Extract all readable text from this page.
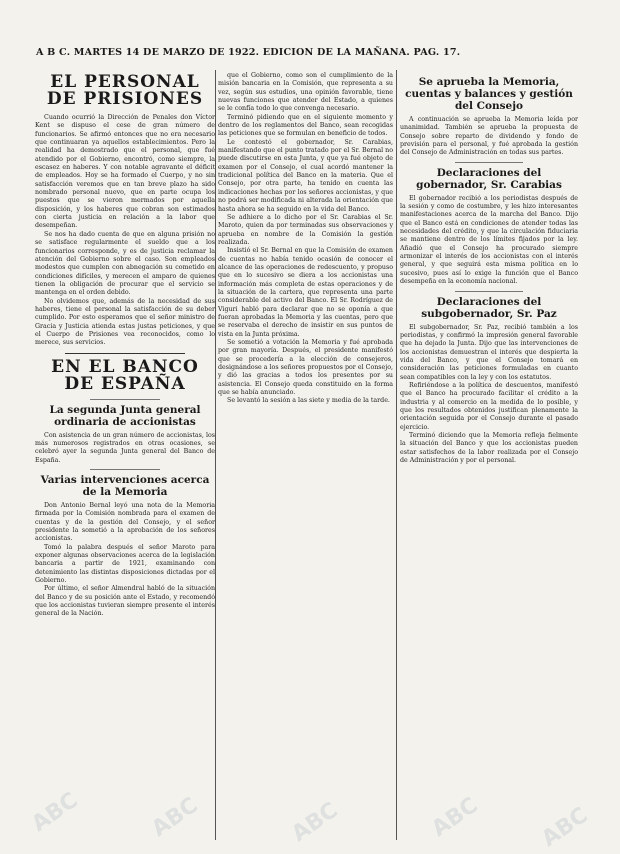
A B C. MARTES 14 DE MARZO DE 1922. EDICION DE LA MAÑANA. PAG. 17.
EL PERSONAL DE PRISIONES

Cuando ocurrió la Dirección de Penales don Víctor Kent se dispuso el cese de gran número de funcionarios. Se afirmó entonces que no era necesario que continuaran ya aquellos establecimientos. Pero la realidad ha demostrado que el personal, que fué atendido por el Gobierno, encontró, como siempre, la escasez en haberes. Y con notable agravante el déficit de empleados. Hoy se ha formado el Cuerpo, y no sin satisfacción veremos que en tan breve plazo ha sido nombrado personal nuevo, que en parte ocupa los puestos que se vieron mermados por aquella disposición, y los haberes que cobran son estimados con cierta justicia en relación a la labor que desempeñan.

Se nos ha dado cuenta de que en alguna prisión no se satisface regularmente el sueldo que a los funcionarios corresponde, y es de justicia reclamar la atención del Gobierno sobre el caso. Son empleados modestos que cumplen con abnegación su cometido en condiciones difíciles, y merecen el amparo de quienes tienen la obligación de procurar que el servicio se mantenga en el orden debido.

No olvidemos que, además de la necesidad de sus haberes, tiene el personal la satisfacción de su deber cumplido. Por esto esperamos que el señor ministro de Gracia y Justicia atienda estas justas peticiones, y que el Cuerpo de Prisiones vea reconocidos, como lo merece, sus servicios.

EN EL BANCO DE ESPAÑA
La segunda Junta general ordinaria de accionistas

Con asistencia de un gran número de accionistas, los más numerosos registrados en otras ocasiones, se celebró ayer la segunda Junta general del Banco de España.

Varias intervenciones acerca de la Memoria

Don Antonio Bernal leyó una nota de la Memoria firmada por la Comisión nombrada para el examen de cuentas y de la gestión del Consejo, y el señor presidente la sometió a la aprobación de los señores accionistas.

Tomó la palabra después el señor Maroto para exponer algunas observaciones acerca de la legislación bancaria a partir de 1921, examinando con detenimiento las distintas disposiciones dictadas por el Gobierno.

Por último, el señor Almendral habló de la situación del Banco y de su posición ante el Estado, y recomendó que los accionistas tuvieran siempre presente el interés general de la Nación.

que el Gobierno, como son el cumplimiento de la misión bancaria en la Comisión, que representa a su vez, según sus estudios, una opinión favorable, tiene nuevas funciones que atender del Estado, a quienes se le confía todo lo que convenga necesario.

Terminó pidiendo que en el siguiente momento y dentro de los reglamentos del Banco, sean recogidas las peticiones que se formulan en beneficio de todos.

Le contestó el gobernador, Sr. Carabias, manifestando que el punto tratado por el Sr. Bernal no puede discutirse en esta Junta, y que ya fué objeto de examen por el Consejo, el cual acordó mantener la tradicional política del Banco en la materia. Que el Consejo, por otra parte, ha tenido en cuenta las indicaciones hechas por los señores accionistas, y que no podrá ser modificada ni alterada la orientación que hasta ahora se ha seguido en la vida del Banco.

Se adhiere a lo dicho por el Sr. Carabias el Sr. Maroto, quien da por terminadas sus observaciones y aprueba en nombre de la Comisión la gestión realizada.

Insistió el Sr. Bernal en que la Comisión de examen de cuentas no había tenido ocasión de conocer el alcance de las operaciones de redescuento, y propuso que en lo sucesivo se diera a los accionistas una información más completa de estas operaciones y de la situación de la cartera, que representa una parte considerable del activo del Banco. El Sr. Rodríguez de Viguri habló para declarar que no se oponía a que fueran aprobadas la Memoria y las cuentas, pero que se reservaba el derecho de insistir en sus puntos de vista en la Junta próxima.

Se sometió a votación la Memoria y fué aprobada por gran mayoría. Después, el presidente manifestó que se procedería a la elección de consejeros, designándose a los señores propuestos por el Consejo, y dió las gracias a todos los presentes por su asistencia. El Consejo queda constituido en la forma que se había anunciado.

Se levantó la sesión a las siete y media de la tarde.

Se aprueba la Memoria, cuentas y balances y gestión del Consejo

A continuación se aprueba la Memoria leída por unanimidad. También se aprueba la propuesta de Consejo sobre reparto de dividendo y fondo de previsión para el personal, y fué aprobada la gestión del Consejo de Administración en todas sus partes.

Declaraciones del gobernador, Sr. Carabias

El gobernador recibió a los periodistas después de la sesión y como de costumbre, y les hizo interesantes manifestaciones acerca de la marcha del Banco. Dijo que el Banco está en condiciones de atender todas las necesidades del crédito, y que la circulación fiduciaria se mantiene dentro de los límites fijados por la ley. Añadió que el Consejo ha procurado siempre armonizar el interés de los accionistas con el interés general, y que seguirá esta misma política en lo sucesivo, pues así lo exige la función que el Banco desempeña en la economía nacional.

Declaraciones del subgobernador, Sr. Paz

El subgobernador, Sr. Paz, recibió también a los periodistas, y confirmó la impresión general favorable que ha dejado la Junta. Dijo que las intervenciones de los accionistas demuestran el interés que despierta la vida del Banco, y que el Consejo tomará en consideración las peticiones formuladas en cuanto sean compatibles con la ley y con los estatutos.

Refiriéndose a la política de descuentos, manifestó que el Banco ha procurado facilitar el crédito a la industria y al comercio en la medida de lo posible, y que los resultados obtenidos justifican plenamente la orientación seguida por el Consejo durante el pasado ejercicio.

Terminó diciendo que la Memoria refleja fielmente la situación del Banco y que los accionistas pueden estar satisfechos de la labor realizada por el Consejo de Administración y por el personal.

ABC	ABC	ABC	ABC ABC
